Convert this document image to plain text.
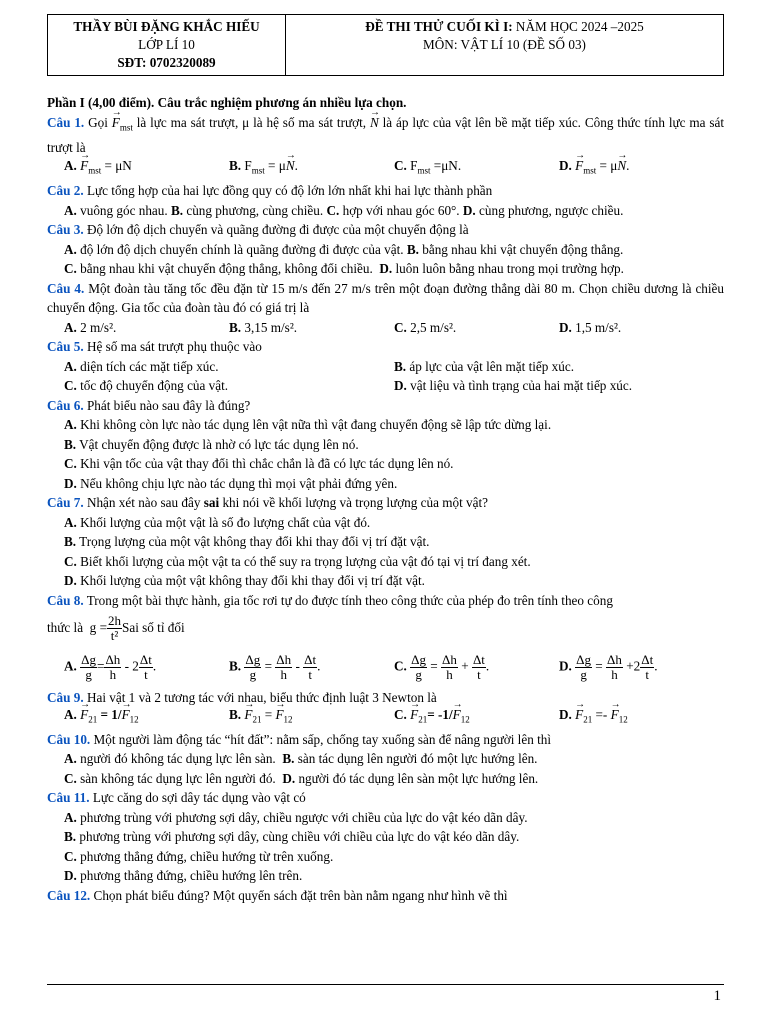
THẦY BÙI ĐẶNG KHẮC HIẾU
LỚP LÍ 10
SĐT: 0702320089

ĐỀ THI THỬ CUỐI KÌ I: NĂM HỌC 2024 –2025
MÔN: VẬT LÍ 10 (ĐỀ SỐ 03)
Phần I (4,00 điểm). Câu trắc nghiệm phương án nhiều lựa chọn.
Câu 1. Gọi → $F_{mst}$ là lực ma sát trượt, μ là hệ số ma sát trượt, → N là áp lực của vật lên bề mặt tiếp xúc. Công thức tính lực ma sát trượt là
A. → $F_{mst} = \mu N$	B. $F_{mst} = \mu\to N$.	C. $F_{mst} =\mu N$.	D. → $F_{mst} = \mu\to N$.
Câu 2. Lực tổng hợp của hai lực đồng quy có độ lớn lớn nhất khi hai lực thành phần
A. vuông góc nhau. B. cùng phương, cùng chiều. C. hợp với nhau góc 60°. D. cùng phương, ngược chiều.
Câu 3. Độ lớn độ dịch chuyển và quãng đường đi được của một chuyển động là
A. độ lớn độ dịch chuyển chính là quãng đường đi được của vật. B. bằng nhau khi vật chuyển động thẳng.
C. bằng nhau khi vật chuyển động thẳng, không đổi chiều. D. luôn luôn bằng nhau trong mọi trường hợp.
Câu 4. Một đoàn tàu tăng tốc đều đặn từ 15 m/s đến 27 m/s trên một đoạn đường thẳng dài 80 m. Chọn chiều dương là chiều chuyển động. Gia tốc của đoàn tàu đó có giá trị là
A. 2 m/s².	B. 3,15 m/s².	C. 2,5 m/s².	D. 1,5 m/s².
Câu 5. Hệ số ma sát trượt phụ thuộc vào
A. diện tích các mặt tiếp xúc.	B. áp lực của vật lên mặt tiếp xúc.
C. tốc độ chuyển động của vật.	D. vật liệu và tình trạng của hai mặt tiếp xúc.
Câu 6. Phát biểu nào sau đây là đúng?
A. Khi không còn lực nào tác dụng lên vật nữa thì vật đang chuyển động sẽ lập tức dừng lại.
B. Vật chuyển động được là nhờ có lực tác dụng lên nó.
C. Khi vận tốc của vật thay đổi thì chắc chắn là đã có lực tác dụng lên nó.
D. Nếu không chịu lực nào tác dụng thì mọi vật phải đứng yên.
Câu 7. Nhận xét nào sau đây sai khi nói về khối lượng và trọng lượng của một vật?
A. Khối lượng của một vật là số đo lượng chất của vật đó.
B. Trọng lượng của một vật không thay đổi khi thay đổi vị trí đặt vật.
C. Biết khối lượng của một vật ta có thể suy ra trọng lượng của vật đó tại vị trí đang xét.
D. Khối lượng của một vật không thay đổi khi thay đổi vị trí đặt vật.
Câu 8. Trong một bài thực hành, gia tốc rơi tự do được tính theo công thức của phép đo trên tính theo công
thức là
$g = \frac{2h}{\text{t²}}$ Sai số tỉ đối
A. $\frac{\Delta g}{g} = \frac{\Delta h}{h} - 2 \frac{\Delta t}{t}$ .	B. $\frac{\Delta g}{g} = \frac{\Delta h}{h} - \frac{\Delta t}{t}$ .	C. $\frac{\Delta g}{g} = \frac{\Delta h}{h} + \frac{\Delta t}{t}$ .	D. $\frac{\Delta g}{g} = \frac{\Delta h}{h} +2 \frac{\Delta t}{t}$ .
Câu 9. Hai vật 1 và 2 tương tác với nhau, biểu thức định luật 3 Newton là
A. → $F_{21} = 1/\to F_{12}$	B. → $F_{21}$ = → $F_{12}$	C. → $F_{21}= -1/\to F_{12}$	D. → $F_{21}$ =- → $F_{12}$
Câu 10. Một người làm động tác “hít đất”: nằm sấp, chống tay xuống sàn để nâng người lên thì
A. người đó không tác dụng lực lên sàn. B. sàn tác dụng lên người đó một lực hướng lên.
C. sàn không tác dụng lực lên người đó. D. người đó tác dụng lên sàn một lực hướng lên.
Câu 11. Lực căng do sợi dây tác dụng vào vật có
A. phương trùng với phương sợi dây, chiều ngược với chiều của lực do vật kéo dãn dây.
B. phương trùng với phương sợi dây, cùng chiều với chiều của lực do vật kéo dãn dây.
C. phương thẳng đứng, chiều hướng từ trên xuống.
D. phương thẳng đứng, chiều hướng lên trên.
Câu 12. Chọn phát biểu đúng? Một quyển sách đặt trên bàn nằm ngang như hình vẽ thì
1
